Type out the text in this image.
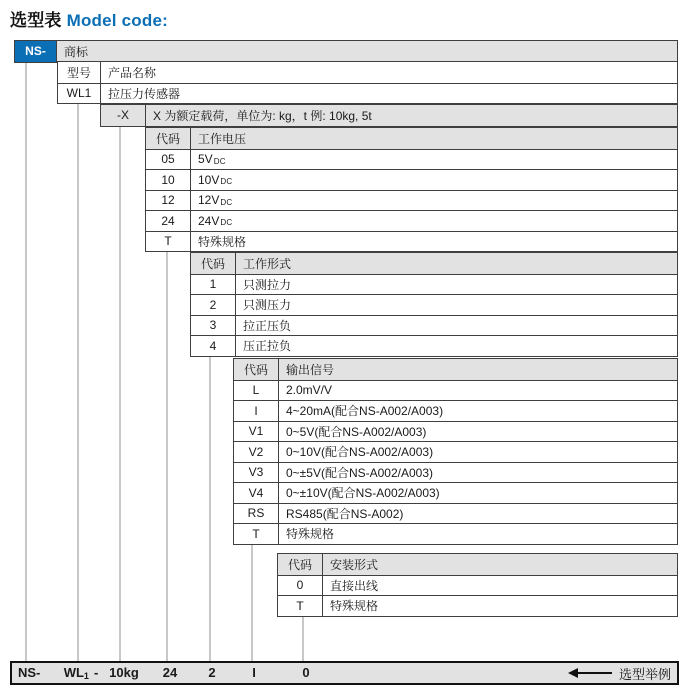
选型表 Model code:
NS-	商标
型号	产品名称
WL1	拉压力传感器
-X	X 为额定载荷，单位为: kg，t 例: 10kg, 5t
代码	工作电压
05	5V DC
10	10V DC
12	12V DC
24	24V DC
T	特殊规格
代码	工作形式
1	只测拉力
2	只测压力
3	拉正压负
4	压正拉负
代码	输出信号
L	2.0mV/V
I	4~20mA(配合NS-A002/A003)
V1	0~5V(配合NS-A002/A003)
V2	0~10V(配合NS-A002/A003)
V3	0~±5V(配合NS-A002/A003)
V4	0~±10V(配合NS-A002/A003)
RS	RS485(配合NS-A002)
T	特殊规格
代码	安装形式
0	直接出线
T	特殊规格
NS- WL1 - 10kg 24 2	I	0	选型举例
